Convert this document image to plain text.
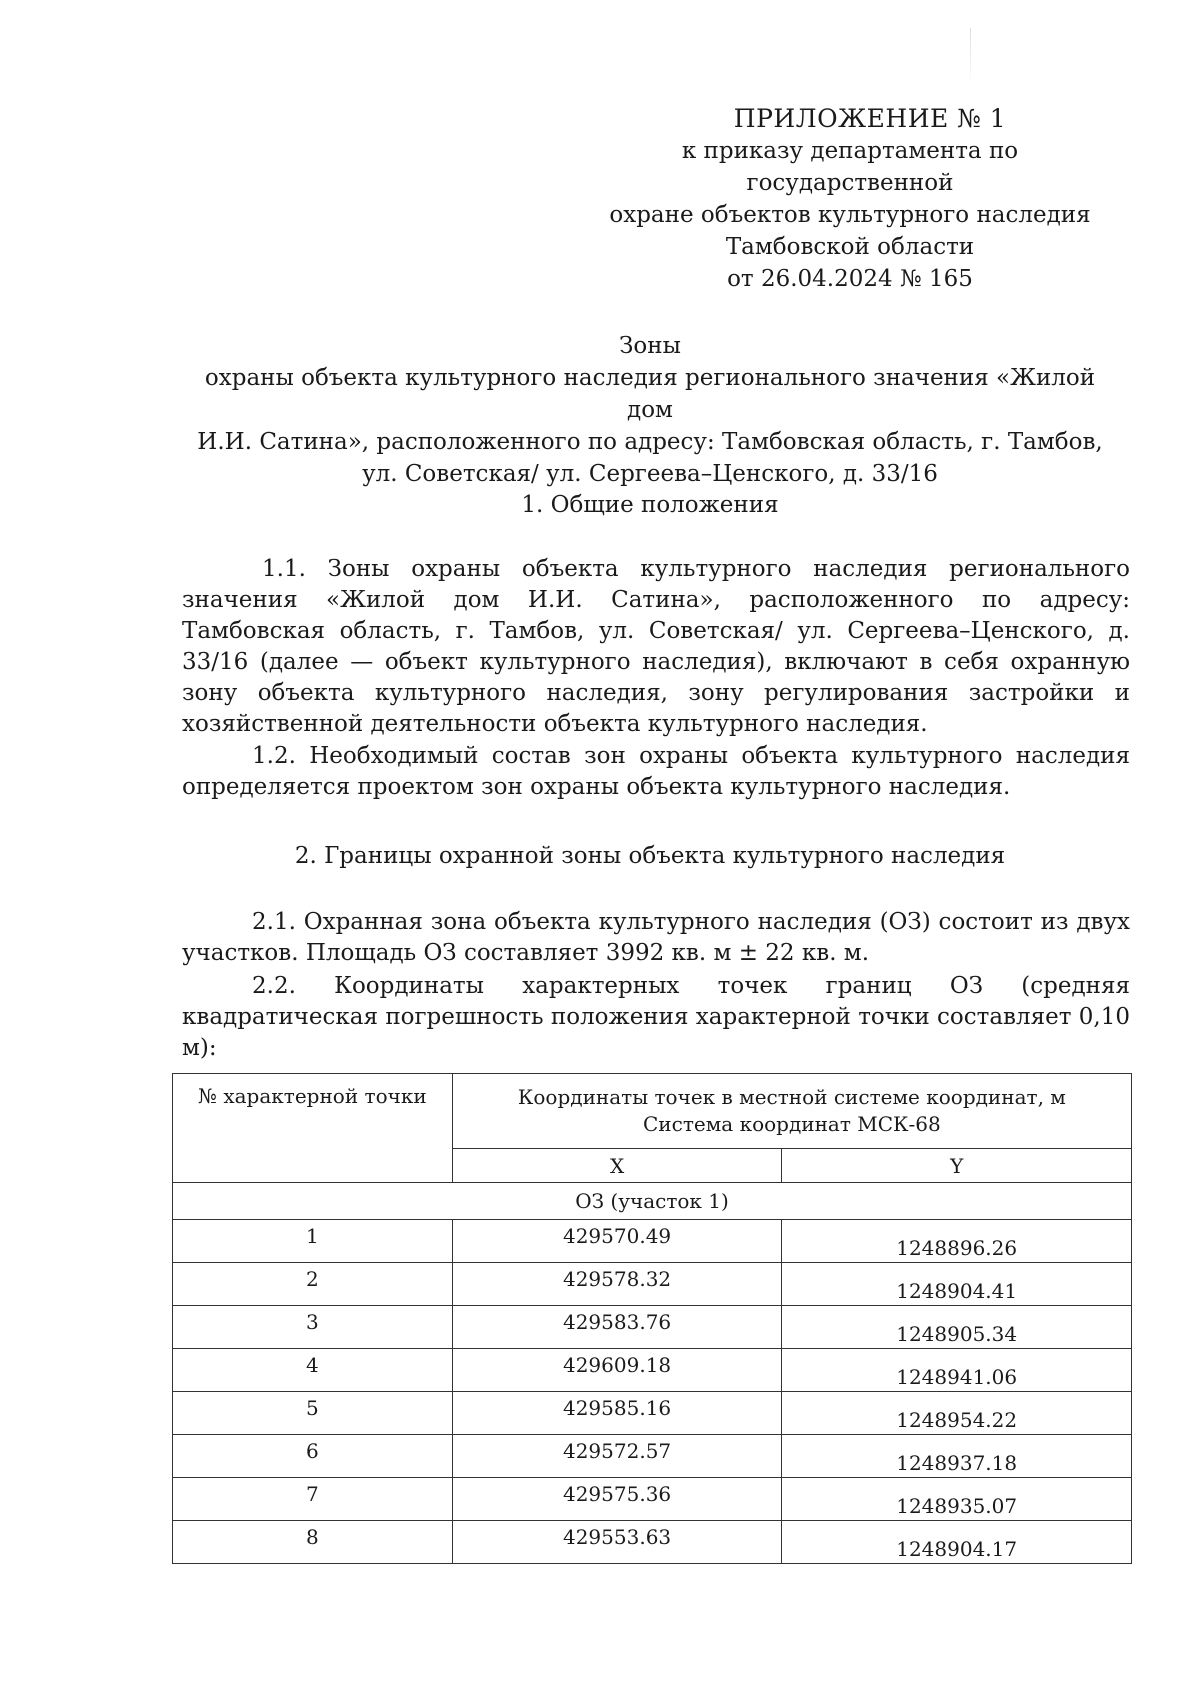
ПРИЛОЖЕНИЕ № 1
к приказу департамента по государственной
охране объектов культурного наследия
Тамбовской области
от 26.04.2024 № 165
Зоны
охраны объекта культурного наследия регионального значения «Жилой дом
И.И. Сатина», расположенного по адресу: Тамбовская область, г. Тамбов,
ул. Советская/ ул. Сергеева–Ценского, д. 33/16
1. Общие положения
1.1. Зоны охраны объекта культурного наследия регионального значения «Жилой дом И.И. Сатина», расположенного по адресу: Тамбовская область, г. Тамбов, ул. Советская/ ул. Сергеева–Ценского, д. 33/16 (далее — объект культурного наследия), включают в себя охранную зону объекта культурного наследия, зону регулирования застройки и хозяйственной деятельности объекта культурного наследия.
1.2. Необходимый состав зон охраны объекта культурного наследия определяется проектом зон охраны объекта культурного наследия.
2. Границы охранной зоны объекта культурного наследия
2.1. Охранная зона объекта культурного наследия (ОЗ) состоит из двух участков. Площадь ОЗ составляет 3992 кв. м ± 22 кв. м.
2.2. Координаты характерных точек границ ОЗ (средняя квадратическая погрешность положения характерной точки составляет 0,10 м):
№ характерной точки	Координаты точек в местной системе координат, м
Система координат МСК-68	

	X	Y
ОЗ (участок 1)		
1	429570.49	1248896.26
2	429578.32	1248904.41
3	429583.76	1248905.34
4	429609.18	1248941.06
5	429585.16	1248954.22
6	429572.57	1248937.18
7	429575.36	1248935.07
8	429553.63	1248904.17
